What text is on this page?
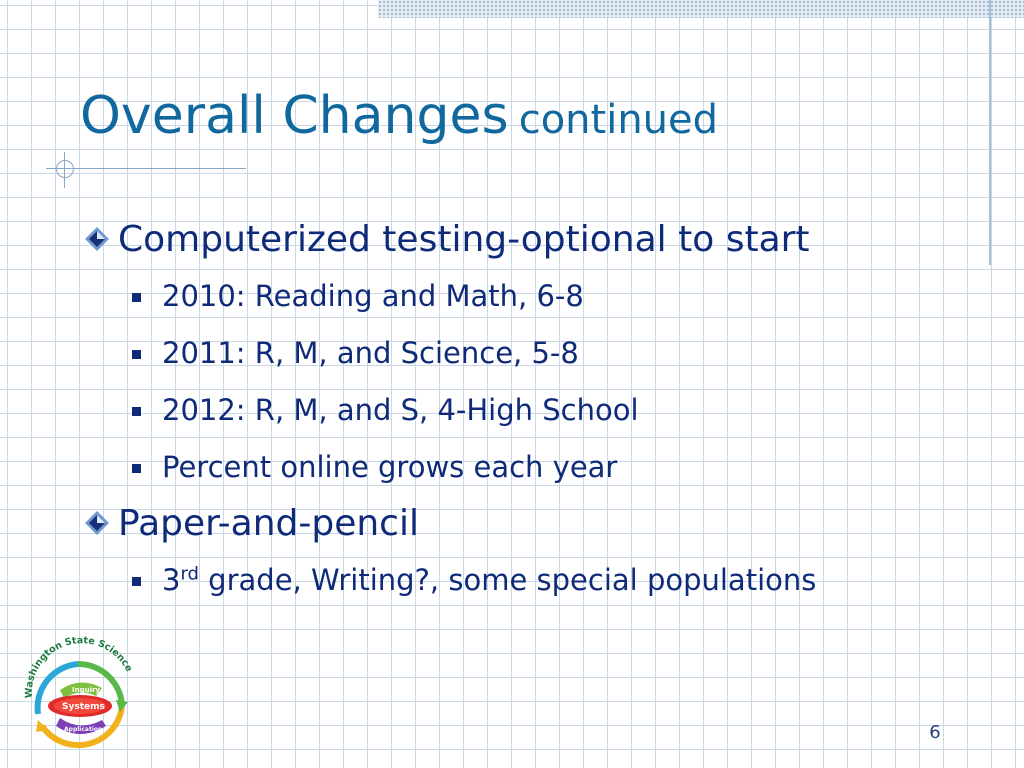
Overall Changes continued
Computerized testing-optional to start
2010: Reading and Math, 6-8
2011: R, M, and Science, 5-8
2012: R, M, and S, 4-High School
Percent online grows each year
Paper-and-pencil
3rd grade, Writing?, some special populations
Washington State Science
Inquiry
Systems
Application	6
